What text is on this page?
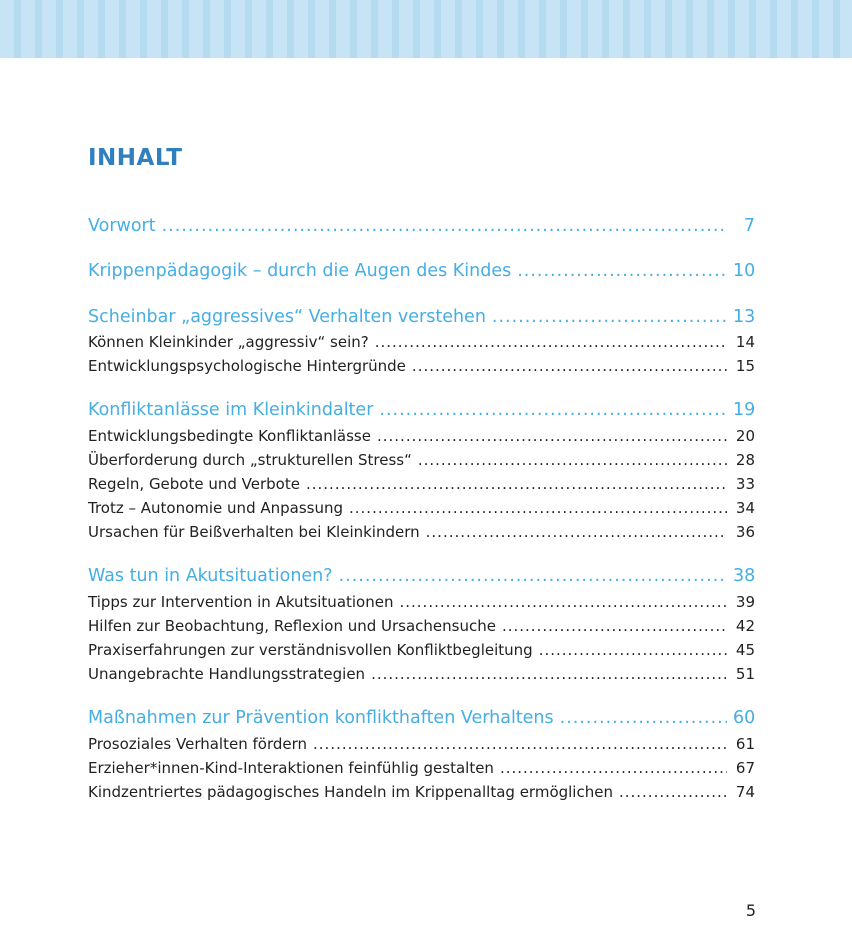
INHALT
Vorwort .....	7
Krippenpädagogik – durch die Augen des Kindes .....	10
Scheinbar „aggressives“ Verhalten verstehen .....	13
Können Kleinkinder „aggressiv“ sein? .....	14
Entwicklungspsychologische Hintergründe .....	15
Konfliktanlässe im Kleinkindalter .....	19
Entwicklungsbedingte Konfliktanlässe .....	20
Überforderung durch „strukturellen Stress“ .....	28
Regeln, Gebote und Verbote .....	33
Trotz – Autonomie und Anpassung .....	34
Ursachen für Beißverhalten bei Kleinkindern .....	36
Was tun in Akutsituationen? .....	38
Tipps zur Intervention in Akutsituationen .....	39
Hilfen zur Beobachtung, Reflexion und Ursachensuche .....	42
Praxiserfahrungen zur verständnisvollen Konfliktbegleitung .....	45
Unangebrachte Handlungsstrategien .....	51
Maßnahmen zur Prävention konflikthaften Verhaltens .....	60
Prosoziales Verhalten fördern .....	61
Erzieher*innen-Kind-Interaktionen feinfühlig gestalten .....	67
Kindzentriertes pädagogisches Handeln im Krippenalltag ermöglichen .....	74
5
